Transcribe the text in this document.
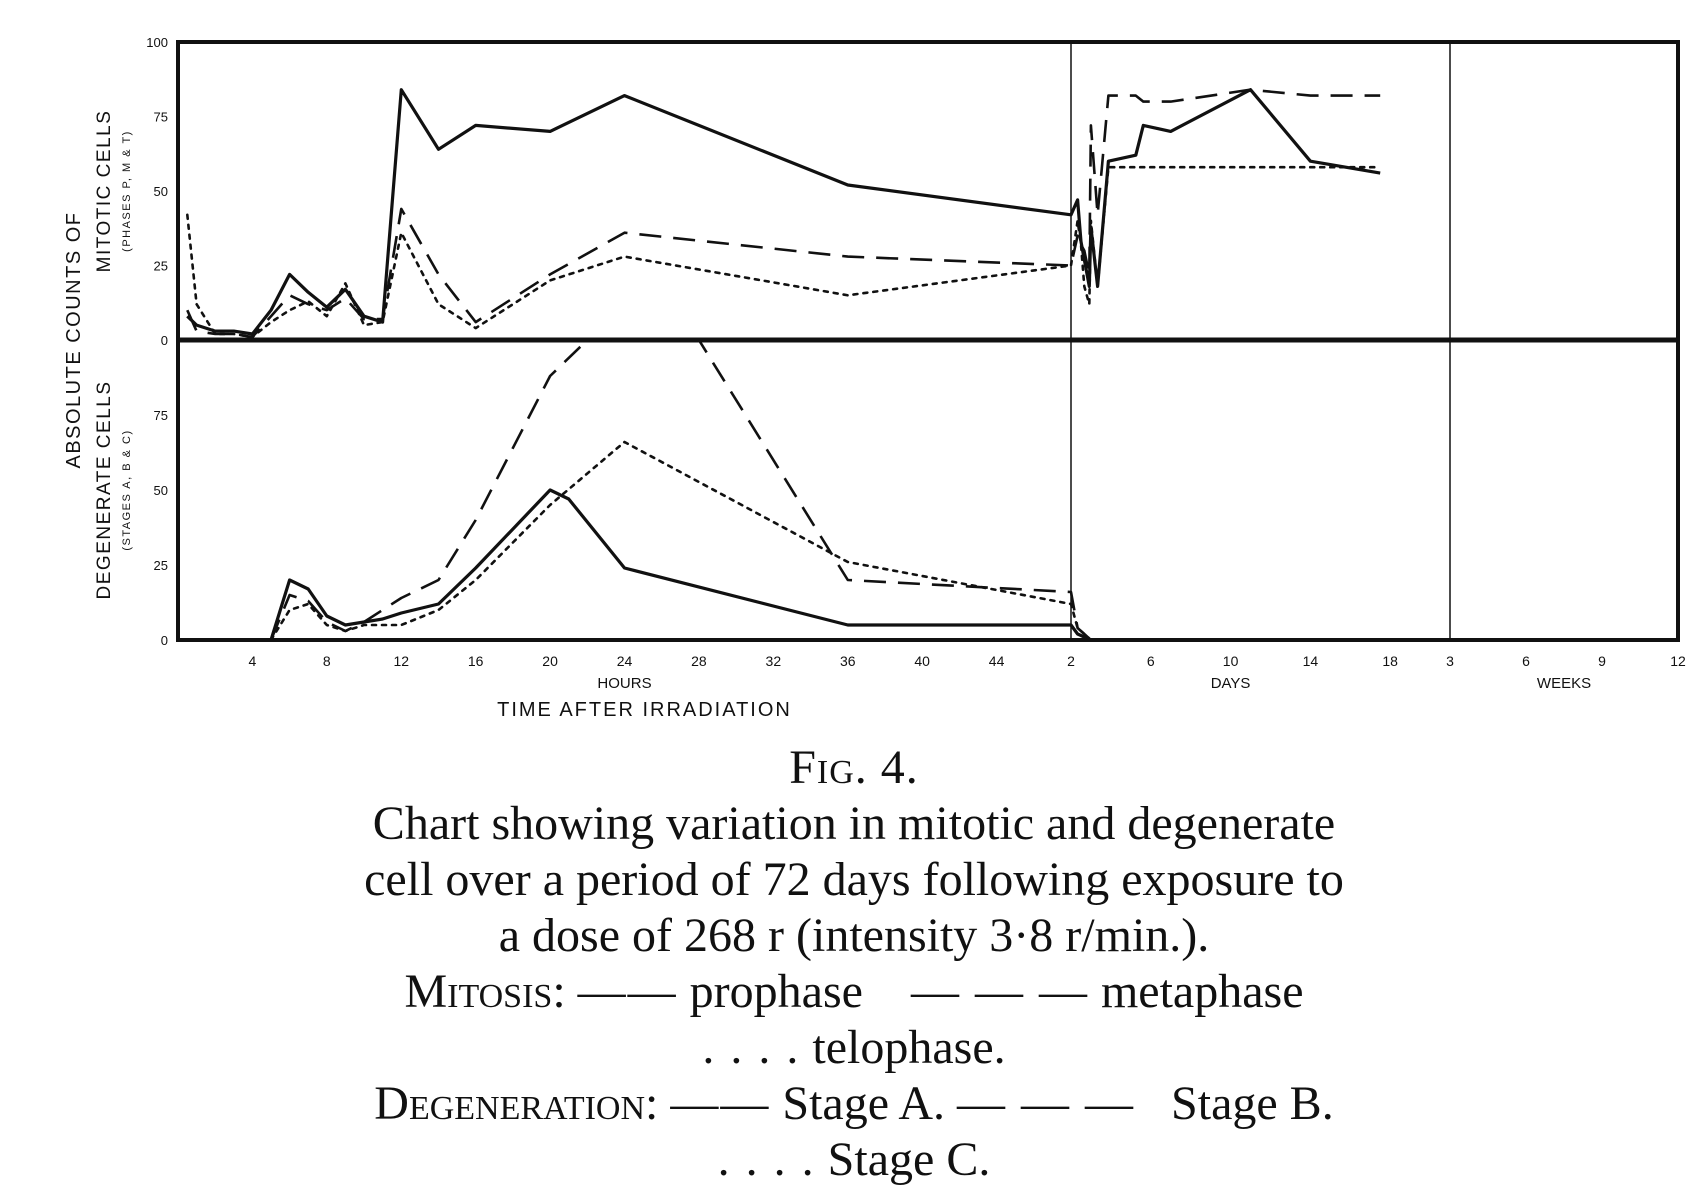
25
50
75
100
0
25
50
75
0
4	8	12	16	20	24	28	32	36	40	44	2	6	10	14	18	3	6	9	12
HOURS	DAYS	WEEKS
TIME AFTER IRRADIATION
ABSOLUTE COUNTS OF
MITOTIC CELLS (PHASES P, M & T)
DEGENERATE CELLS (STAGES A, B & C)
Fig. 4.
Chart showing variation in mitotic and degenerate
cell over a period of 72 days following exposure to
a dose of 268 r (intensity 3·8 r/min.).
Mitosis: —— prophase — — — metaphase
. . . . telophase.
Degeneration: —— Stage A. — — — Stage B.
. . . . Stage C.
